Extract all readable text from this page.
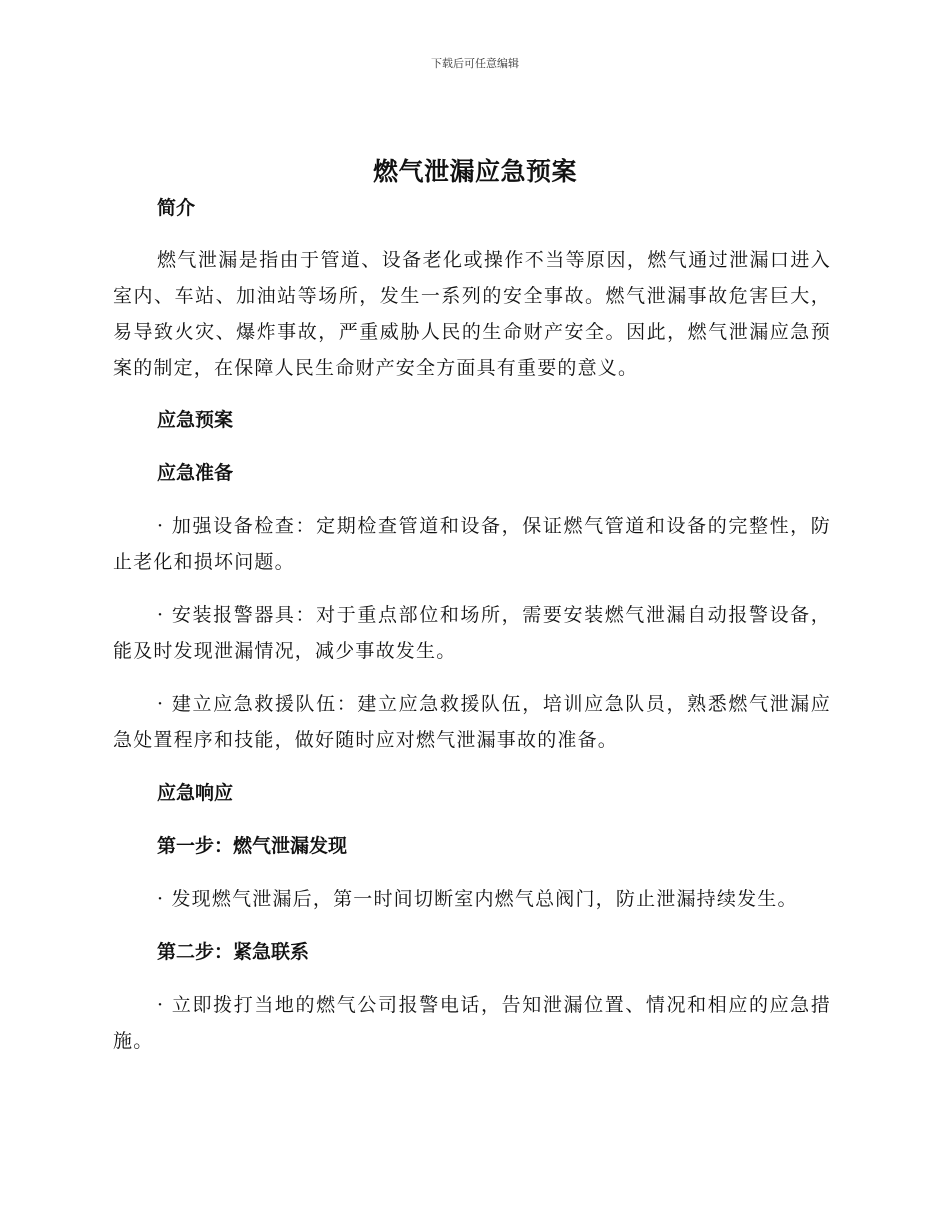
下载后可任意编辑
燃气泄漏应急预案

简介

燃气泄漏是指由于管道、设备老化或操作不当等原因，燃气通过泄漏口进入室内、车站、加油站等场所，发生一系列的安全事故。燃气泄漏事故危害巨大，易导致火灾、爆炸事故，严重威胁人民的生命财产安全。因此，燃气泄漏应急预案的制定，在保障人民生命财产安全方面具有重要的意义。

应急预案

应急准备

· 加强设备检查：定期检查管道和设备，保证燃气管道和设备的完整性，防止老化和损坏问题。

· 安装报警器具：对于重点部位和场所，需要安装燃气泄漏自动报警设备，能及时发现泄漏情况，减少事故发生。

· 建立应急救援队伍：建立应急救援队伍，培训应急队员，熟悉燃气泄漏应急处置程序和技能，做好随时应对燃气泄漏事故的准备。

应急响应

第一步：燃气泄漏发现

· 发现燃气泄漏后，第一时间切断室内燃气总阀门，防止泄漏持续发生。

第二步：紧急联系

· 立即拨打当地的燃气公司报警电话，告知泄漏位置、情况和相应的应急措施。
